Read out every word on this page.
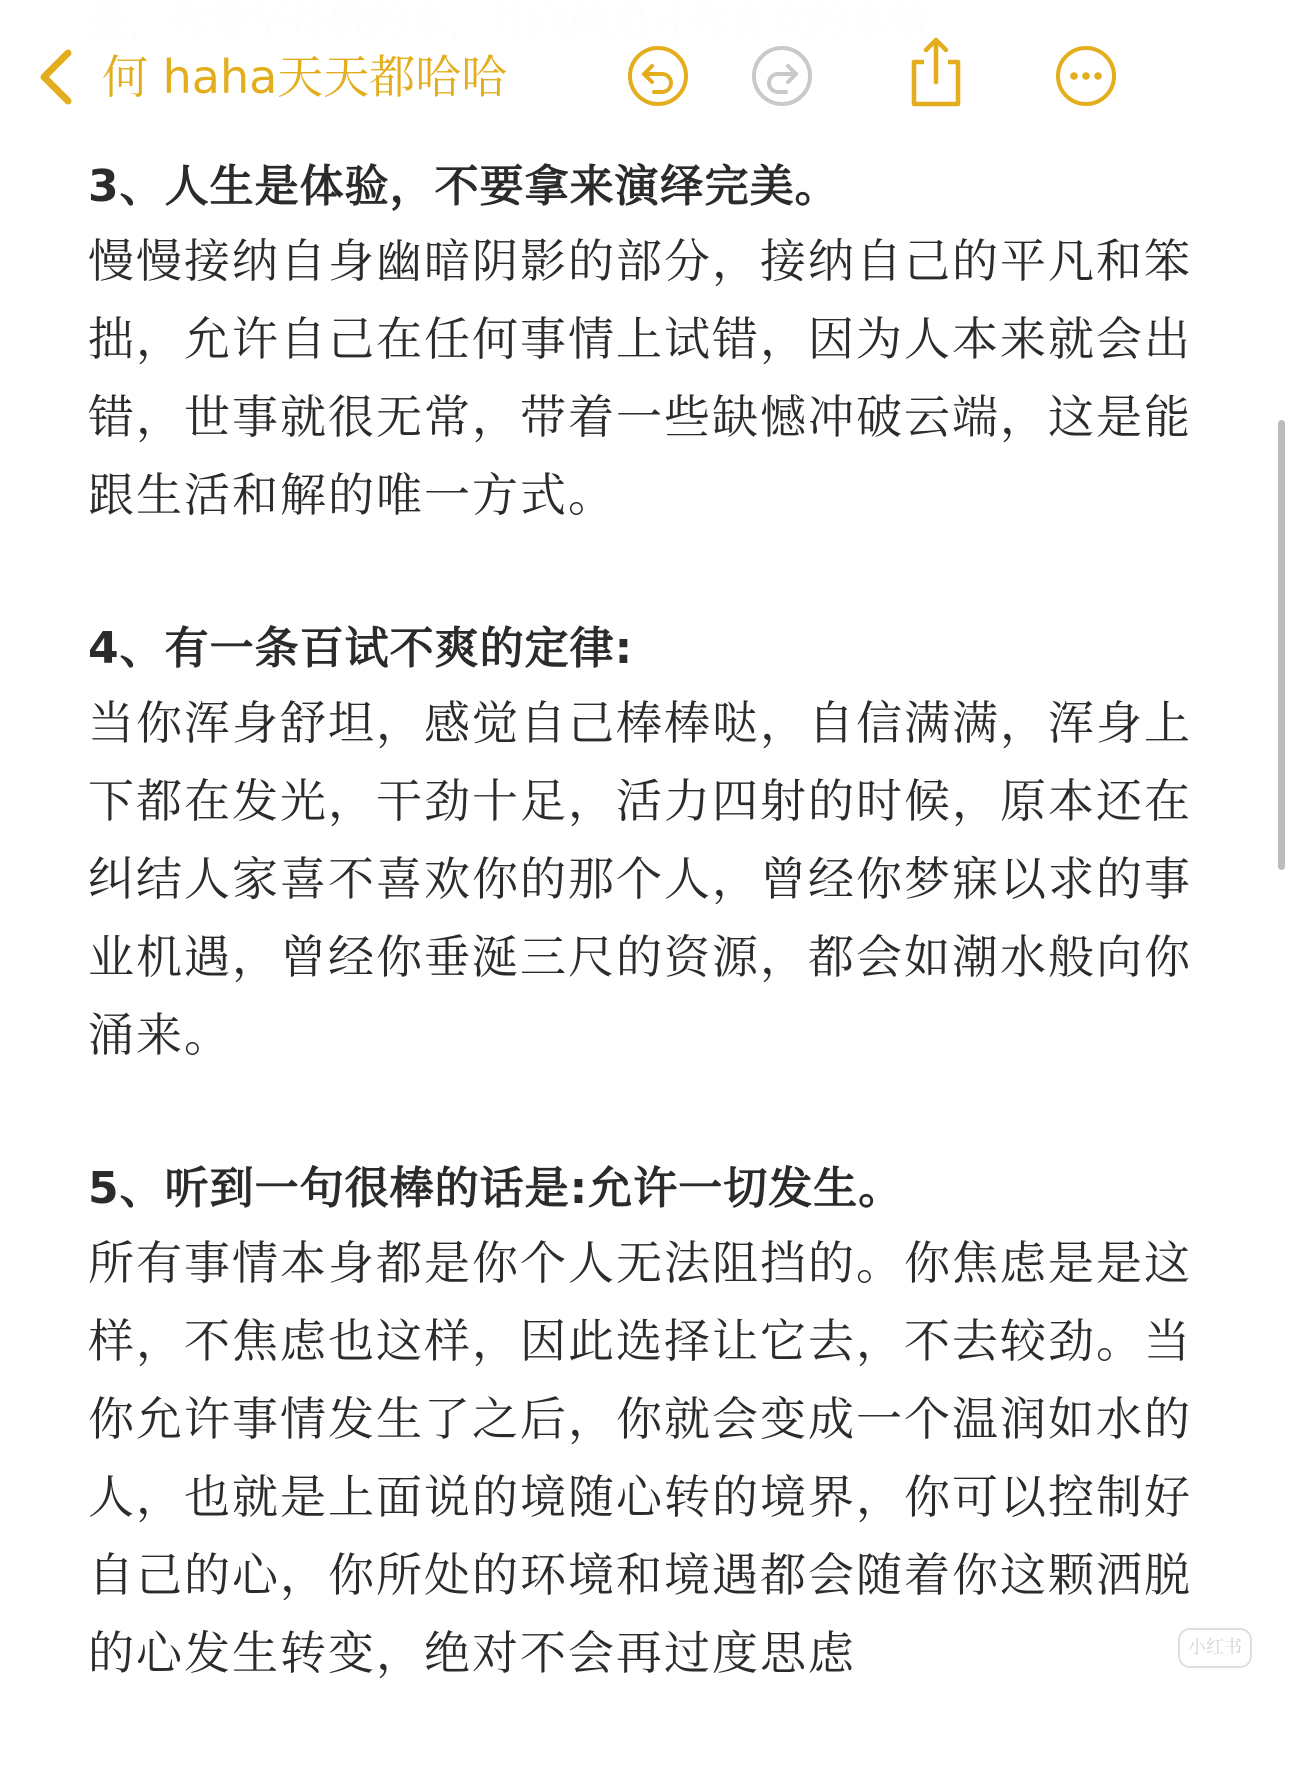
何 haha天天都哈哈
3、人生是体验，不要拿来演绎完美。
慢慢接纳自身幽暗阴影的部分，接纳自己的平凡和笨拙，允许自己在任何事情上试错，因为人本来就会出错，世事就很无常，带着一些缺憾冲破云端，这是能跟生活和解的唯一方式。
4、有一条百试不爽的定律:
当你浑身舒坦，感觉自己棒棒哒，自信满满，浑身上下都在发光，干劲十足，活力四射的时候，原本还在纠结人家喜不喜欢你的那个人，曾经你梦寐以求的事业机遇，曾经你垂涎三尺的资源，都会如潮水般向你涌来。
5、听到一句很棒的话是:允许一切发生。
所有事情本身都是你个人无法阻挡的。你焦虑是是这样，不焦虑也这样，因此选择让它去，不去较劲。当你允许事情发生了之后，你就会变成一个温润如水的人，也就是上面说的境随心转的境界，你可以控制好自己的心，你所处的环境和境遇都会随着你这颗洒脱的心发生转变，绝对不会再过度思虑	小红书
